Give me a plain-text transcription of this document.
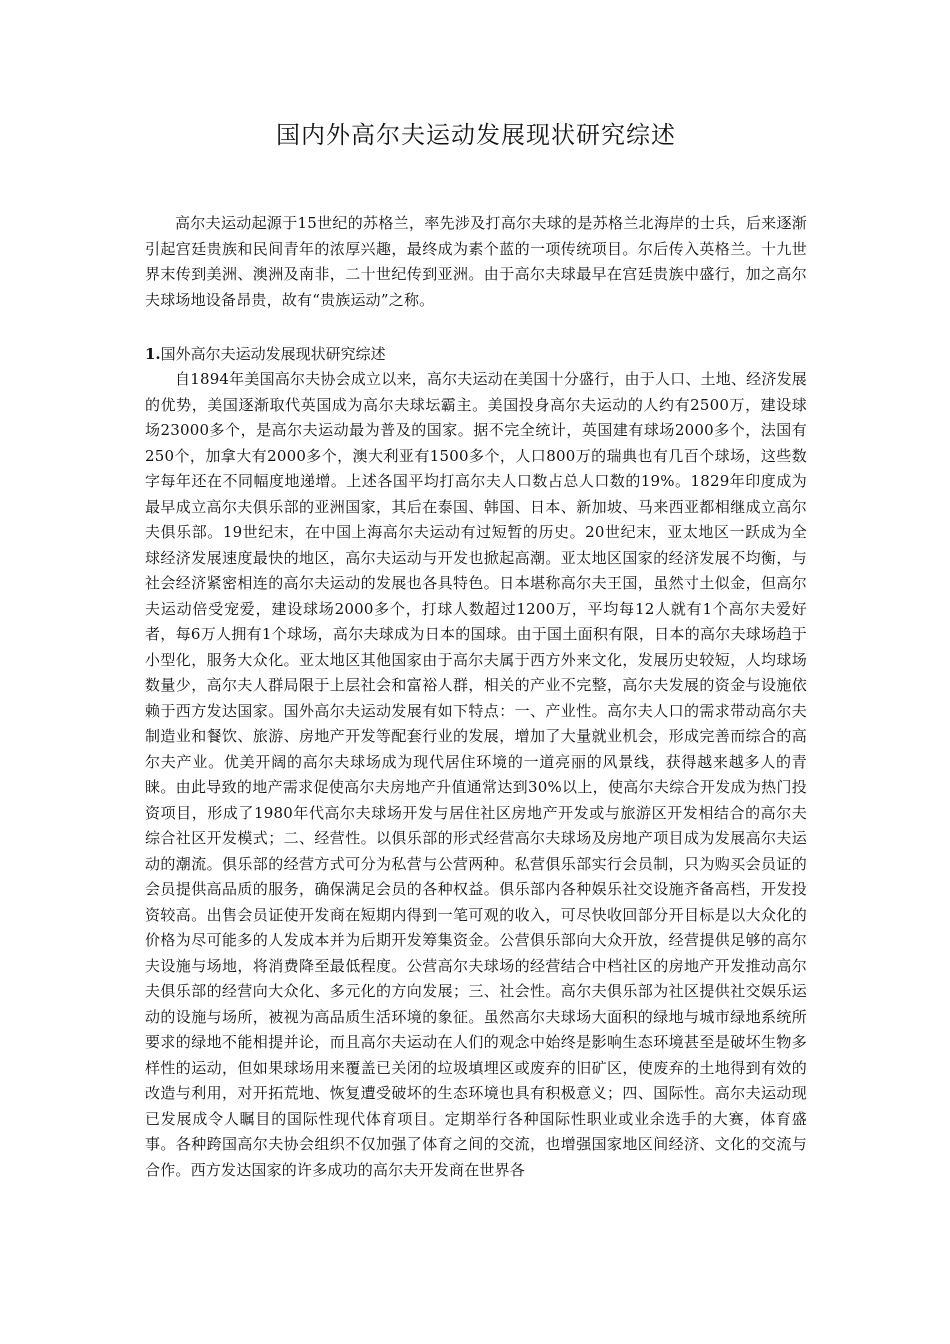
国内外高尔夫运动发展现状研究综述

高尔夫运动起源于15世纪的苏格兰，率先涉及打高尔夫球的是苏格兰北海岸的士兵，后来逐渐引起宫廷贵族和民间青年的浓厚兴趣，最终成为素个蓝的一项传统项目。尔后传入英格兰。十九世界末传到美洲、澳洲及南非，二十世纪传到亚洲。由于高尔夫球最早在宫廷贵族中盛行，加之高尔夫球场地设备昂贵，故有“贵族运动”之称。

1.国外高尔夫运动发展现状研究综述

自1894年美国高尔夫协会成立以来，高尔夫运动在美国十分盛行，由于人口、土地、经济发展的优势，美国逐渐取代英国成为高尔夫球坛霸主。美国投身高尔夫运动的人约有2500万，建设球场23000多个，是高尔夫运动最为普及的国家。据不完全统计，英国建有球场2000多个，法国有250个，加拿大有2000多个，澳大利亚有1500多个，人口800万的瑞典也有几百个球场，这些数字每年还在不同幅度地递增。上述各国平均打高尔夫人口数占总人口数的19%。1829年印度成为最早成立高尔夫俱乐部的亚洲国家，其后在泰国、韩国、日本、新加坡、马来西亚都相继成立高尔夫俱乐部。19世纪末，在中国上海高尔夫运动有过短暂的历史。20世纪末，亚太地区一跃成为全球经济发展速度最快的地区，高尔夫运动与开发也掀起高潮。亚太地区国家的经济发展不均衡，与社会经济紧密相连的高尔夫运动的发展也各具特色。日本堪称高尔夫王国，虽然寸土似金，但高尔夫运动倍受宠爱，建设球场2000多个，打球人数超过1200万，平均每12人就有1个高尔夫爱好者，每6万人拥有1个球场，高尔夫球成为日本的国球。由于国土面积有限，日本的高尔夫球场趋于小型化，服务大众化。亚太地区其他国家由于高尔夫属于西方外来文化，发展历史较短，人均球场数量少，高尔夫人群局限于上层社会和富裕人群，相关的产业不完整，高尔夫发展的资金与设施依赖于西方发达国家。国外高尔夫运动发展有如下特点：一、产业性。高尔夫人口的需求带动高尔夫制造业和餐饮、旅游、房地产开发等配套行业的发展，增加了大量就业机会，形成完善而综合的高尔夫产业。优美开阔的高尔夫球场成为现代居住环境的一道亮丽的风景线，获得越来越多人的青睐。由此导致的地产需求促使高尔夫房地产升值通常达到30%以上，使高尔夫综合开发成为热门投资项目，形成了1980年代高尔夫球场开发与居住社区房地产开发或与旅游区开发相结合的高尔夫综合社区开发模式；二、经营性。以俱乐部的形式经营高尔夫球场及房地产项目成为发展高尔夫运动的潮流。俱乐部的经营方式可分为私营与公营两种。私营俱乐部实行会员制，只为购买会员证的会员提供高品质的服务，确保满足会员的各种权益。俱乐部内各种娱乐社交设施齐备高档，开发投资较高。出售会员证使开发商在短期内得到一笔可观的收入，可尽快收回部分开目标是以大众化的价格为尽可能多的人发成本并为后期开发筹集资金。公营俱乐部向大众开放，经营提供足够的高尔夫设施与场地，将消费降至最低程度。公营高尔夫球场的经营结合中档社区的房地产开发推动高尔夫俱乐部的经营向大众化、多元化的方向发展；三、社会性。高尔夫俱乐部为社区提供社交娱乐运动的设施与场所，被视为高品质生活环境的象征。虽然高尔夫球场大面积的绿地与城市绿地系统所要求的绿地不能相提并论，而且高尔夫运动在人们的观念中始终是影响生态环境甚至是破坏生物多样性的运动，但如果球场用来覆盖已关闭的垃圾填埋区或废弃的旧矿区，使废弃的土地得到有效的改造与利用，对开拓荒地、恢复遭受破坏的生态环境也具有积极意义；四、国际性。高尔夫运动现已发展成令人瞩目的国际性现代体育项目。定期举行各种国际性职业或业余选手的大赛，体育盛事。各种跨国高尔夫协会组织不仅加强了体育之间的交流，也增强国家地区间经济、文化的交流与合作。西方发达国家的许多成功的高尔夫开发商在世界各
